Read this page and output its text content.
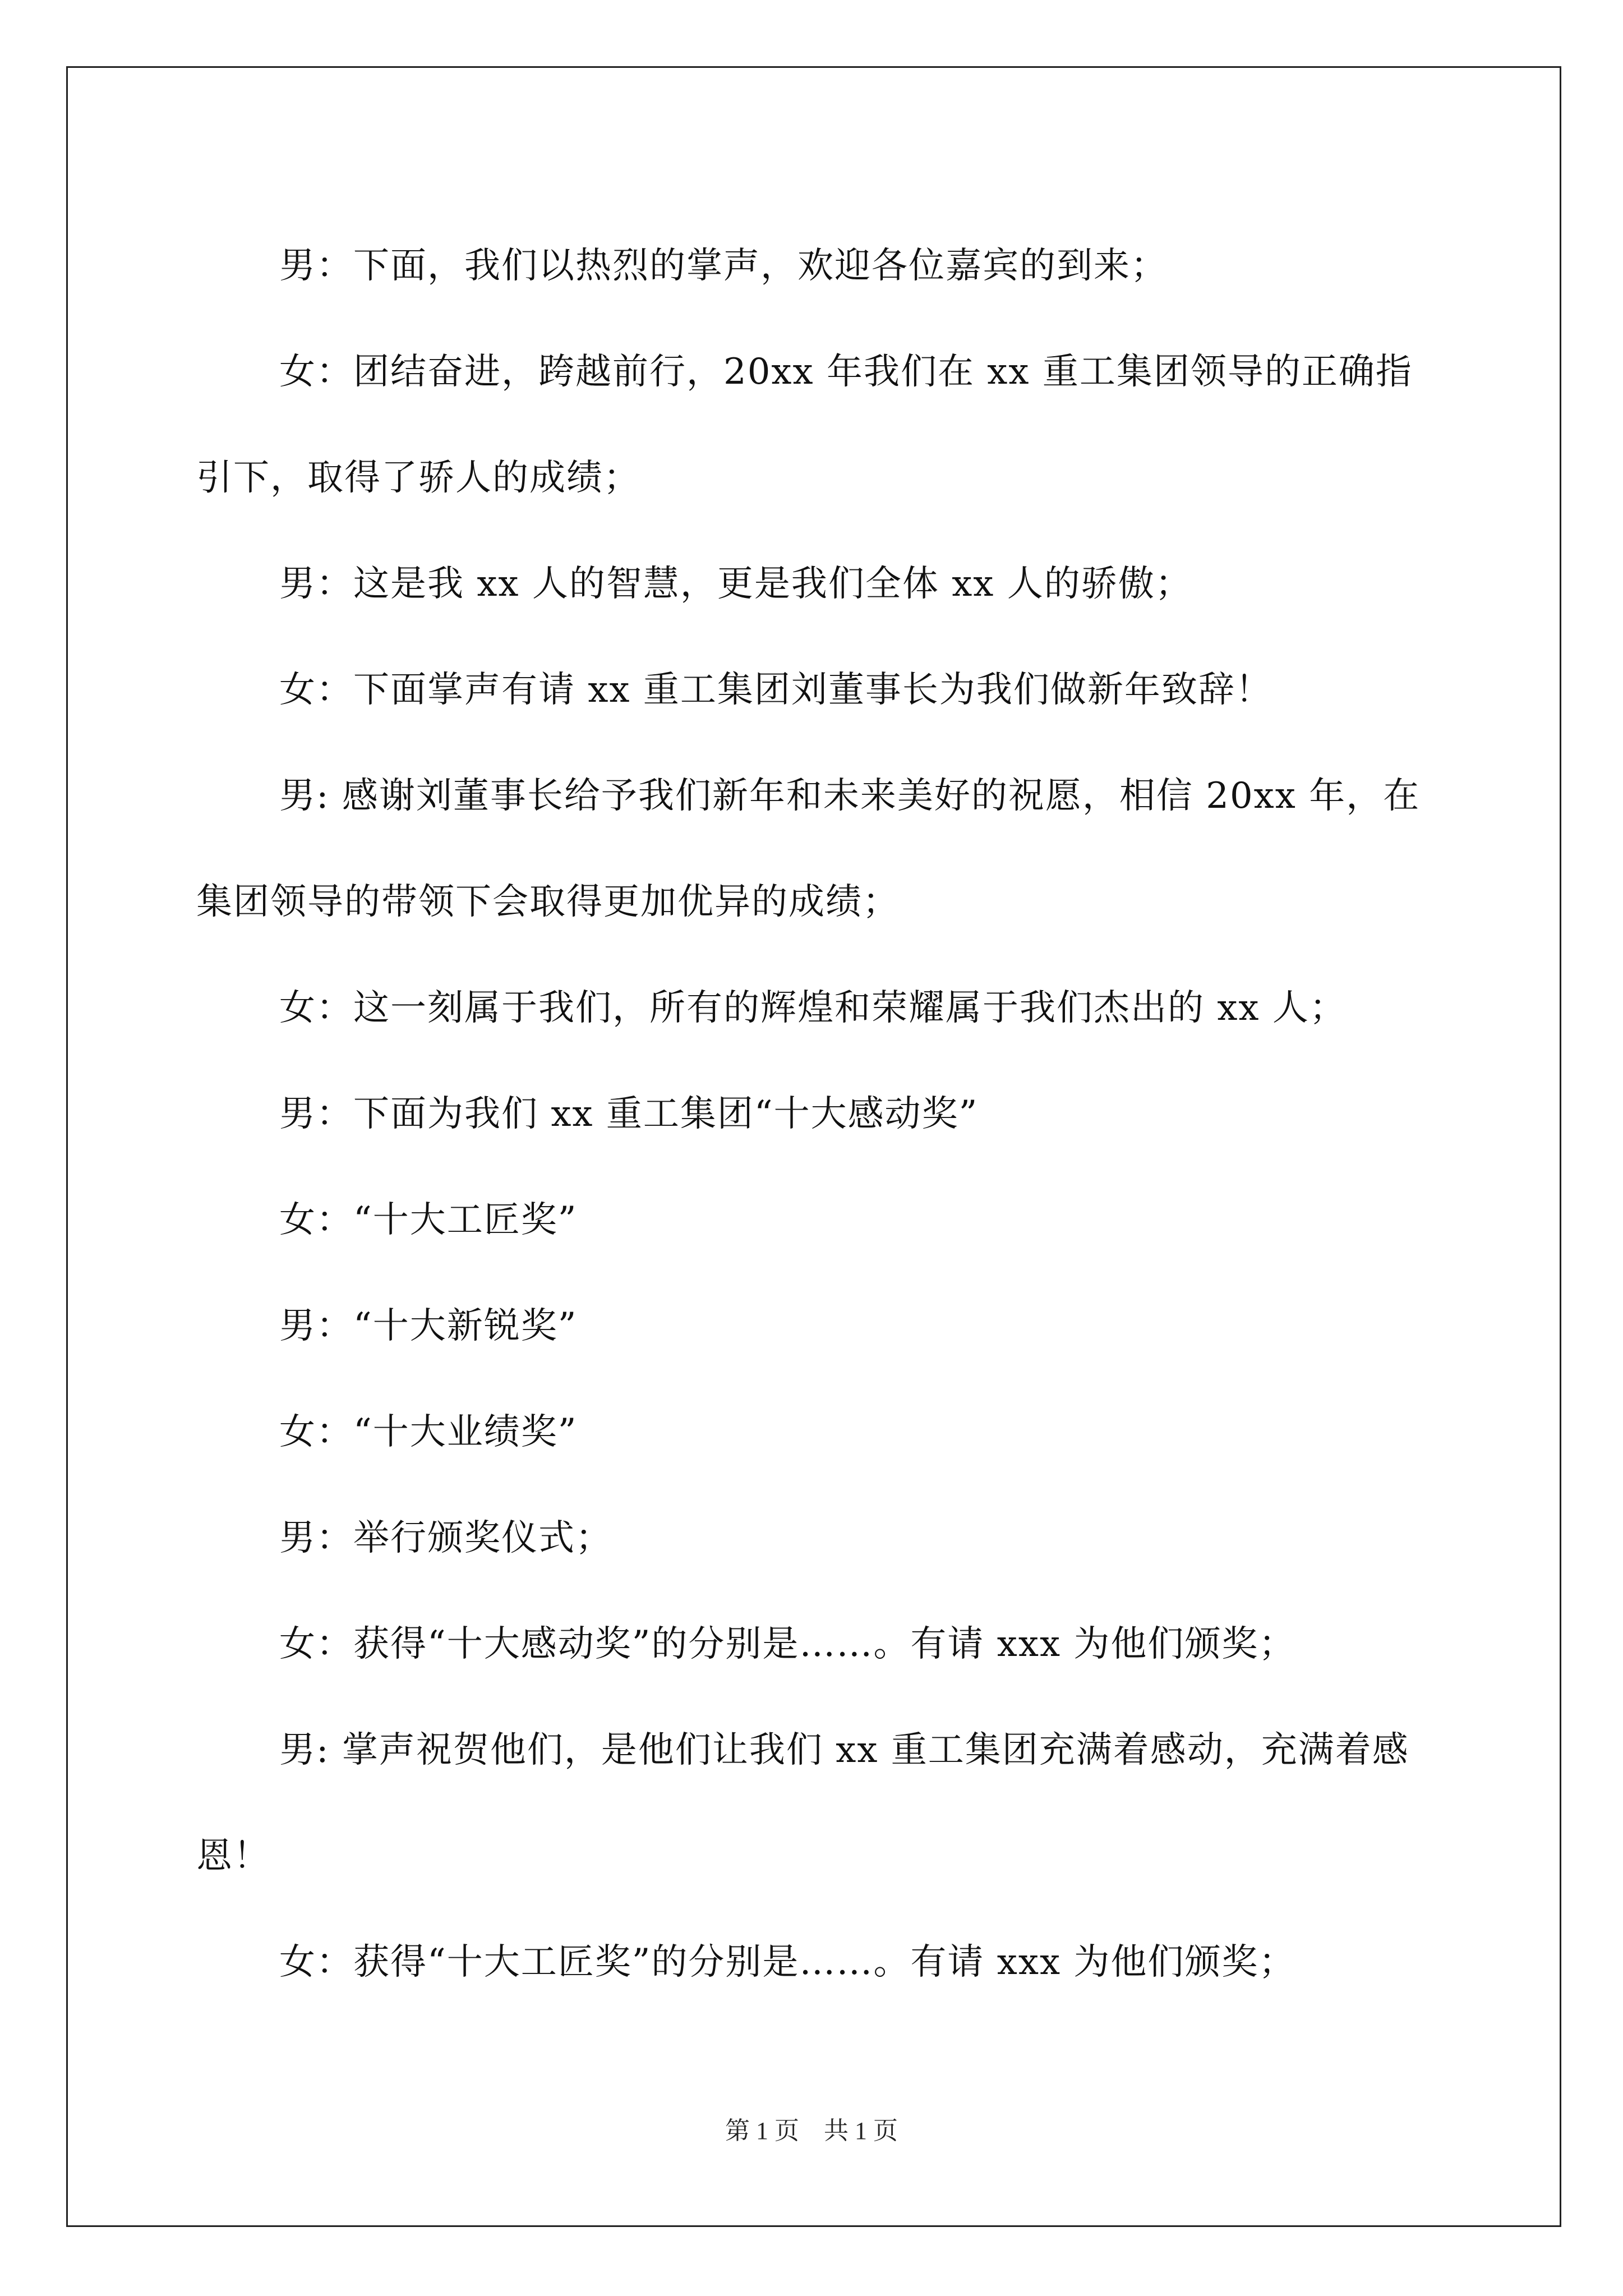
男：下面，我们以热烈的掌声，欢迎各位嘉宾的到来；

女：团结奋进，跨越前行，20xx 年我们在 xx 重工集团领导的正确指引下，取得了骄人的成绩；

男：这是我 xx 人的智慧，更是我们全体 xx 人的骄傲；

女：下面掌声有请 xx 重工集团刘董事长为我们做新年致辞！

男: 感谢刘董事长给予我们新年和未来美好的祝愿，相信 20xx 年，在集团领导的带领下会取得更加优异的成绩；

女：这一刻属于我们，所有的辉煌和荣耀属于我们杰出的 xx 人；

男：下面为我们 xx 重工集团“十大感动奖”

女：“十大工匠奖”

男：“十大新锐奖”

女：“十大业绩奖”

男：举行颁奖仪式；

女：获得“十大感动奖”的分别是……。有请 xxx 为他们颁奖；

男: 掌声祝贺他们，是他们让我们 xx 重工集团充满着感动，充满着感恩！

女：获得“十大工匠奖”的分别是……。有请 xxx 为他们颁奖；

第 1 页　共 1 页
